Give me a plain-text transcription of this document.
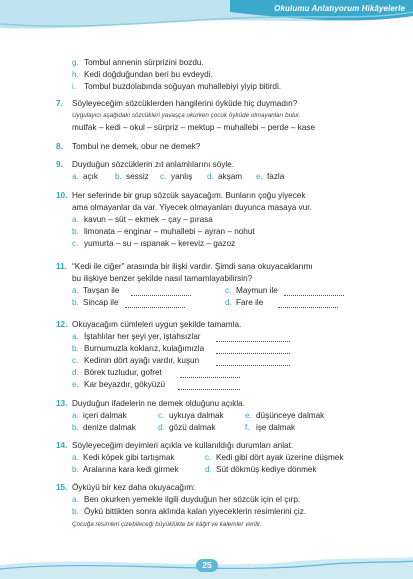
Okulumu Anlatıyorum Hikâyelerle
g. Tombul annenin sürprizini bozdu.
h. Kedi doğduğundan beri bu evdeydi.
i. Tombul buzdolabında soğuyan muhallebiyi yiyip bitirdi.
7. Söyleyeceğim sözcüklerden hangilerini öyküde hiç duymadın?
Uygulayıcı aşağıdaki sözcükleri yavaşça okurken çocuk öyküde olmayanları bulur.
mutfak – kedi – okul – sürpriz – mektup – muhallebi – perde – kase
8. Tombul ne demek, obur ne demek?
9. Duyduğun sözcüklerin zıt anlamlılarını söyle.
10. Her seferinde bir grup sözcük sayacağım. Bunların çoğu yiyecek
ama olmayanlar da var. Yiyecek olmayanları duyunca masaya vur.
a. kavun – süt – ekmek – çay – pırasa
b. limonata – enginar – muhallebi – ayran – nohut
c. yumurta – su – ıspanak – kereviz – gazoz
11. “Kedi ile ciğer” arasında bir ilişki vardır. Şimdi sana okuyacaklarımı
bu ilişkiye benzer şekilde nasıl tamamlayabilirsin?
12. Okuyacağım cümleleri uygun şekilde tamamla.
a. İştahlılar her şeyi yer, iştahsızlar
b. Burnumuzla koklarız, kulağımızla
c. Kedinin dört ayağı vardır, kuşun
d. Börek tuzludur, gofret
e. Kar beyazdır, gökyüzü
13. Duyduğun ifadelerin ne demek olduğunu açıkla.
14. Söyleyeceğim deyimleri açıkla ve kullanıldığı durumları anlat.
15. Öyküyü bir kez daha okuyacağım:
a. Ben okurken yemekle ilgili duyduğun her sözcük için el çırp.
b. Öykü bittikten sonra aklında kalan yiyeceklerin resimlerini çiz.
Çocuğa resimleri çizebileceği büyüklükte bir kâğıt ve kalemler verilir.
a. açık b. sessiz c. yanlış d. akşam e. fazla
a. Tavşan ile	c. Maymun ile
b. Sincap ile	d. Fare ile
a. içeri dalmak	c. uykuya dalmak	e. düşünceye dalmak
b. denize dalmak	d. gözü dalmak	f. işe dalmak
a. Kedi köpek gibi tartışmak	c. Kedi gibi dört ayak üzerine düşmek
b. Aralarına kara kedi girmek	d. Süt dökmüş kediye dönmek
25
